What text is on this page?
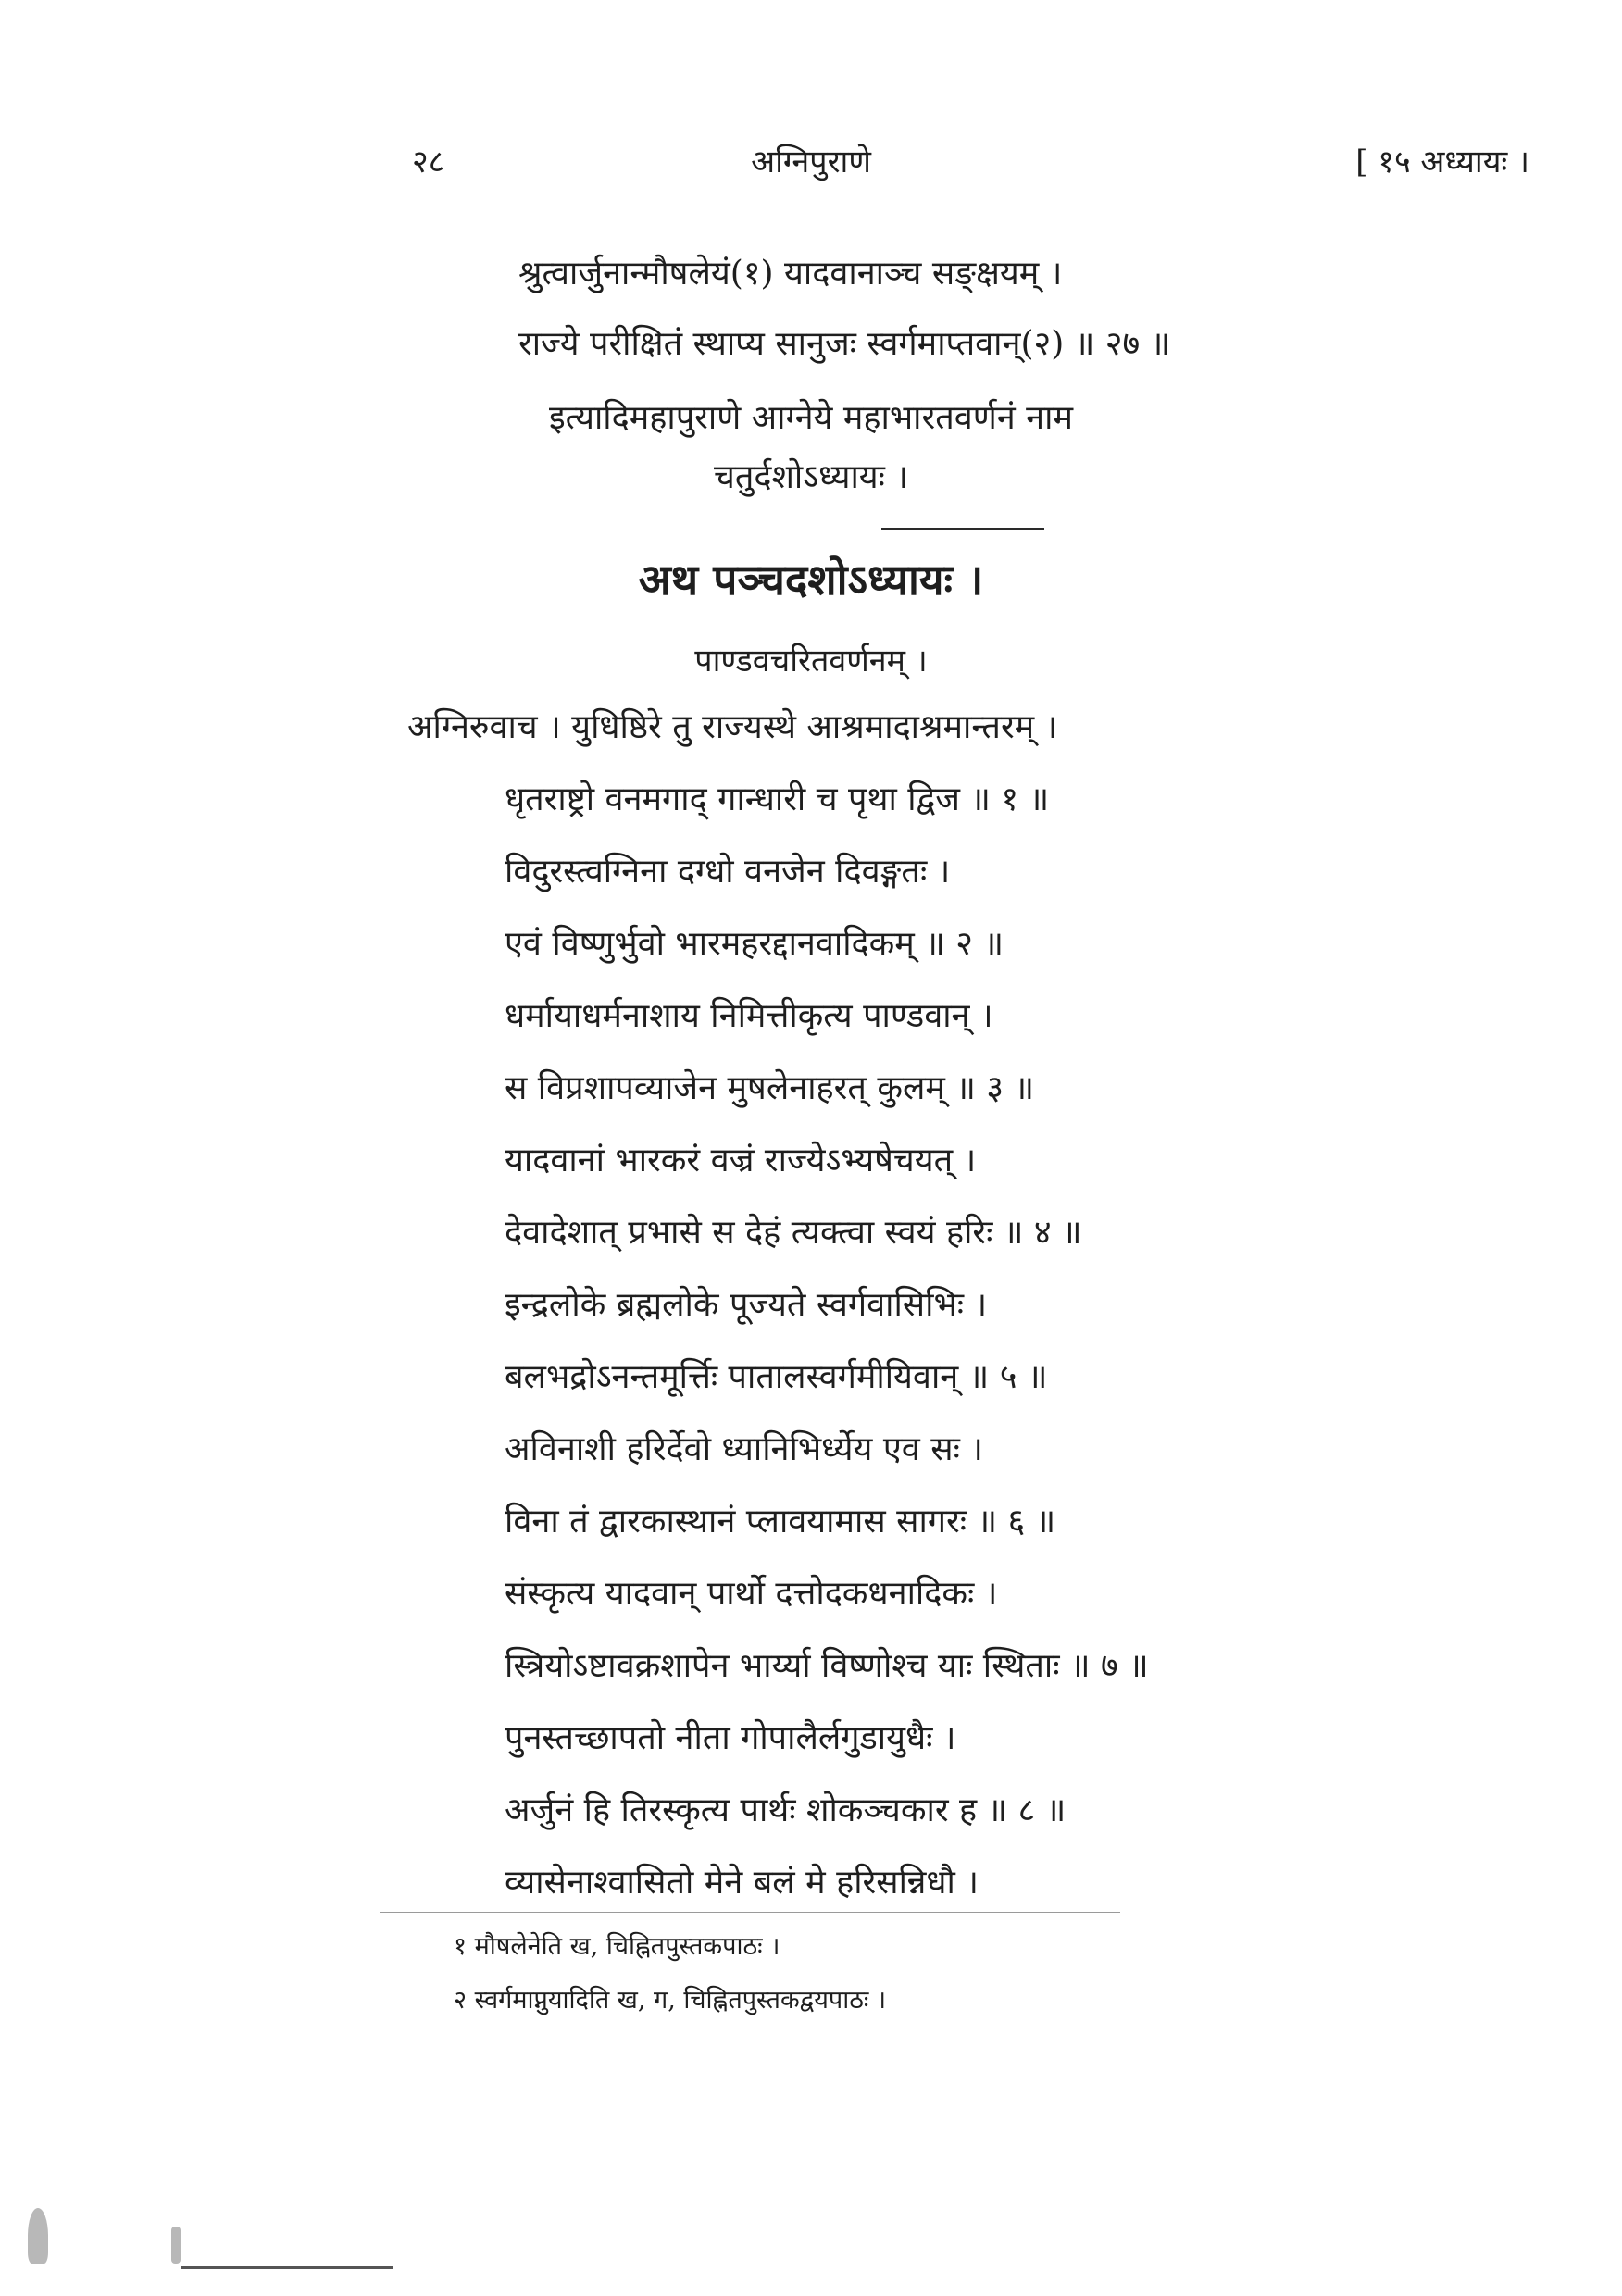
२८	अग्निपुराणे	[ १५ अध्यायः ।
श्रुत्वार्जुनान्मौषलेयं(१) यादवानाञ्च सङ्क्षयम् ।
राज्ये परीक्षितं स्थाप्य सानुजः स्वर्गमाप्तवान्(२) ॥ २७ ॥
इत्यादिमहापुराणे आग्नेये महाभारतवर्णनं नाम
चतुर्दशोऽध्यायः ।
अथ पञ्चदशोऽध्यायः ।
पाण्डवचरितवर्णनम् ।
अग्निरुवाच । युधिष्ठिरे तु राज्यस्थे आश्रमादाश्रमान्तरम् ।
धृतराष्ट्रो वनमगाद् गान्धारी च पृथा द्विज ॥ १ ॥
विदुरस्त्वग्निना दग्धो वनजेन दिवङ्गतः ।
एवं विष्णुर्भुवो भारमहरद्दानवादिकम् ॥ २ ॥
धर्मायाधर्मनाशाय निमित्तीकृत्य पाण्डवान् ।
स विप्रशापव्याजेन मुषलेनाहरत् कुलम् ॥ ३ ॥
यादवानां भारकरं वज्रं राज्येऽभ्यषेचयत् ।
देवादेशात् प्रभासे स देहं त्यक्त्वा स्वयं हरिः ॥ ४ ॥
इन्द्रलोके ब्रह्मलोके पूज्यते स्वर्गवासिभिः ।
बलभद्रोऽनन्तमूर्त्तिः पातालस्वर्गमीयिवान् ॥ ५ ॥
अविनाशी हरिर्देवो ध्यानिभिर्ध्येय एव सः ।
विना तं द्वारकास्थानं प्लावयामास सागरः ॥ ६ ॥
संस्कृत्य यादवान् पार्थो दत्तोदकधनादिकः ।
स्त्रियोऽष्टावक्रशापेन भार्य्या विष्णोश्च याः स्थिताः ॥ ७ ॥
पुनस्तच्छापतो नीता गोपालैर्लगुडायुधैः ।
अर्जुनं हि तिरस्कृत्य पार्थः शोकञ्चकार ह ॥ ८ ॥
व्यासेनाश्वासितो मेने बलं मे हरिसन्निधौ ।
१ मौषलेनेति ख, चिह्नितपुस्तकपाठः ।
२ स्वर्गमाप्नुयादिति ख, ग, चिह्नितपुस्तकद्वयपाठः ।
